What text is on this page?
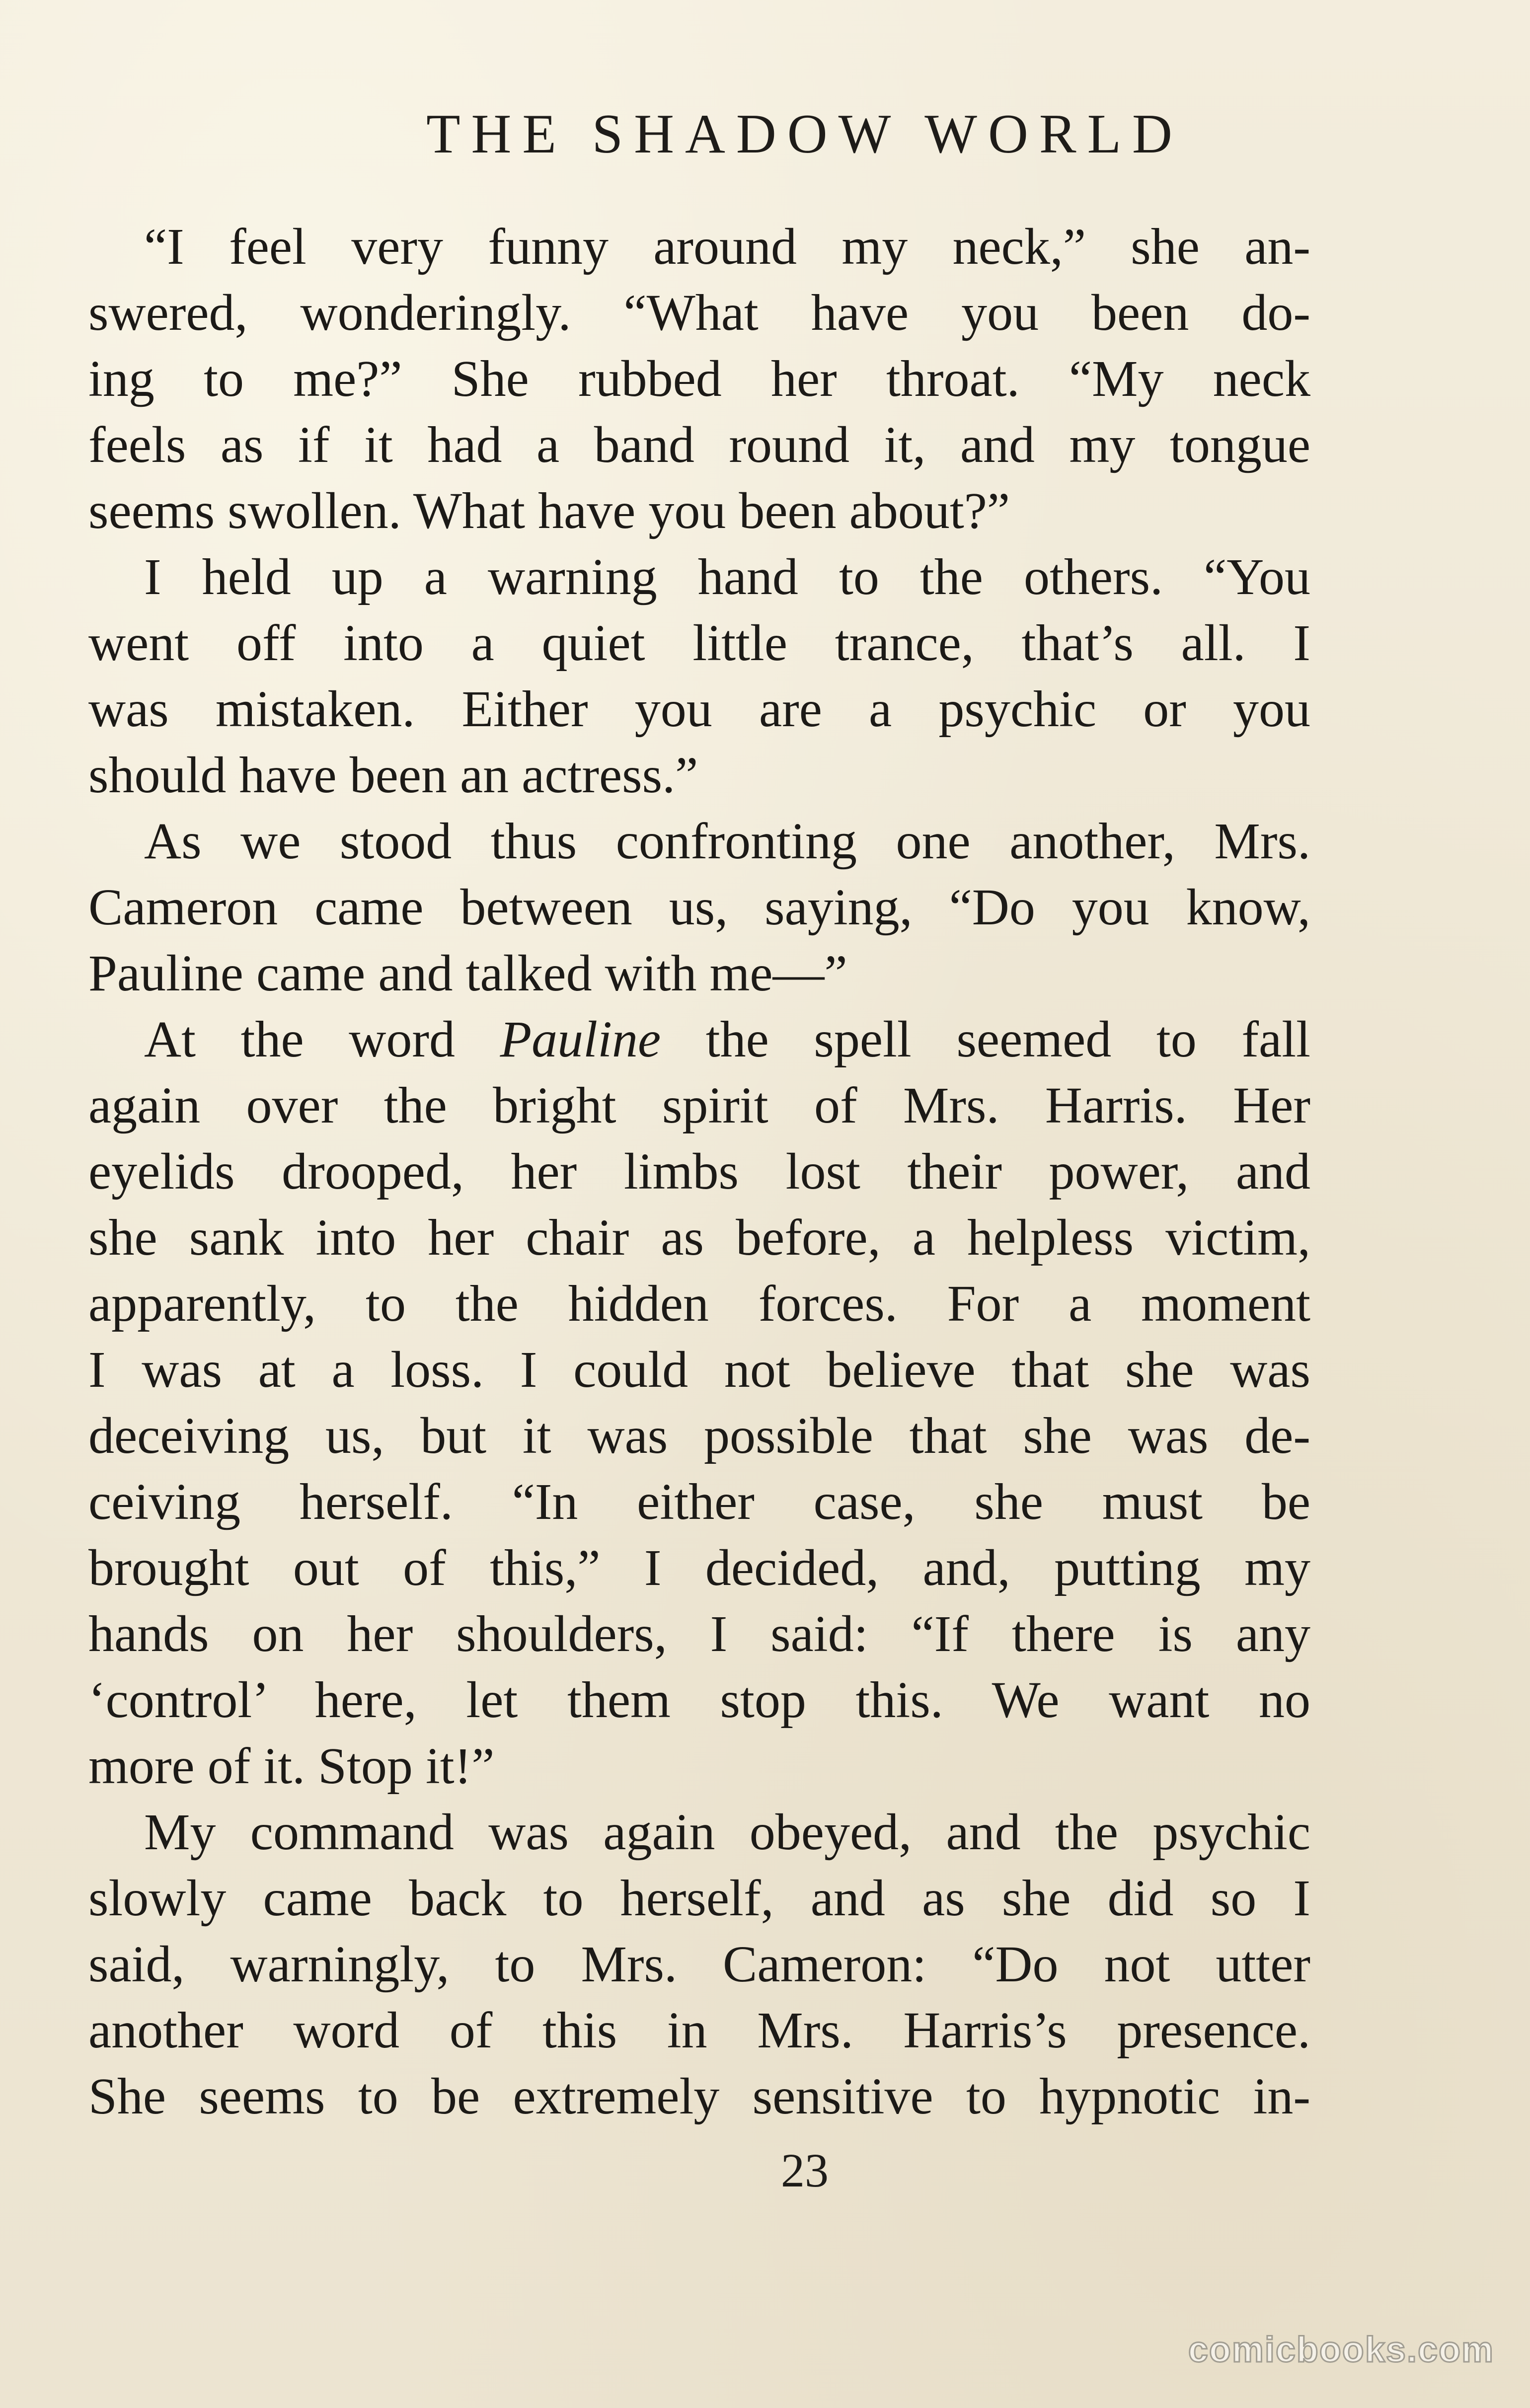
THE SHADOW WORLD
“I feel very funny around my neck,” she an-
swered, wonderingly. “What have you been do-
ing to me?” She rubbed her throat. “My neck
feels as if it had a band round it, and my tongue
seems swollen. What have you been about?”
I held up a warning hand to the others. “You
went off into a quiet little trance, that’s all. I
was mistaken. Either you are a psychic or you
should have been an actress.”
As we stood thus confronting one another, Mrs.
Cameron came between us, saying, “Do you know,
Pauline came and talked with me—”
At the word Pauline the spell seemed to fall
again over the bright spirit of Mrs. Harris. Her
eyelids drooped, her limbs lost their power, and
she sank into her chair as before, a helpless victim,
apparently, to the hidden forces. For a moment
I was at a loss. I could not believe that she was
deceiving us, but it was possible that she was de-
ceiving herself. “In either case, she must be
brought out of this,” I decided, and, putting my
hands on her shoulders, I said: “If there is any
‘control’ here, let them stop this. We want no
more of it. Stop it!”
My command was again obeyed, and the psychic
slowly came back to herself, and as she did so I
said, warningly, to Mrs. Cameron: “Do not utter
another word of this in Mrs. Harris’s presence.
She seems to be extremely sensitive to hypnotic in-
23
comicbooks.com
